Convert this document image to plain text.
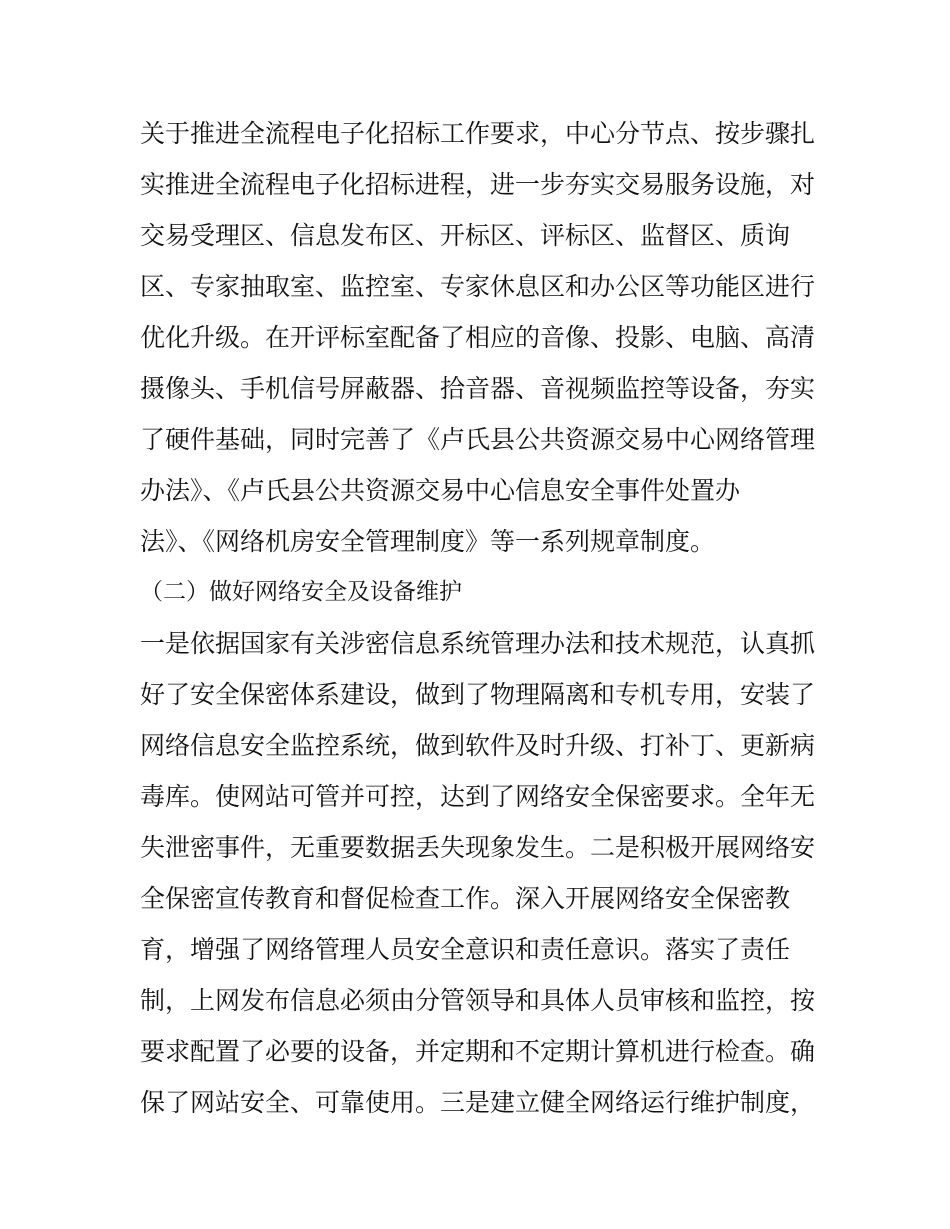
关于推进全流程电子化招标工作要求，中心分节点、按步骤扎
实推进全流程电子化招标进程，进一步夯实交易服务设施，对
交易受理区、信息发布区、开标区、评标区、监督区、质询
区、专家抽取室、监控室、专家休息区和办公区等功能区进行
优化升级。在开评标室配备了相应的音像、投影、电脑、高清
摄像头、手机信号屏蔽器、拾音器、音视频监控等设备，夯实
了硬件基础，同时完善了《卢氏县公共资源交易中心网络管理
办法》、《卢氏县公共资源交易中心信息安全事件处置办
法》、《网络机房安全管理制度》等一系列规章制度。
（二）做好网络安全及设备维护
一是依据国家有关涉密信息系统管理办法和技术规范，认真抓
好了安全保密体系建设，做到了物理隔离和专机专用，安装了
网络信息安全监控系统，做到软件及时升级、打补丁、更新病
毒库。使网站可管并可控，达到了网络安全保密要求。全年无
失泄密事件，无重要数据丢失现象发生。二是积极开展网络安
全保密宣传教育和督促检查工作。深入开展网络安全保密教
育，增强了网络管理人员安全意识和责任意识。落实了责任
制，上网发布信息必须由分管领导和具体人员审核和监控，按
要求配置了必要的设备，并定期和不定期计算机进行检查。确
保了网站安全、可靠使用。三是建立健全网络运行维护制度，
